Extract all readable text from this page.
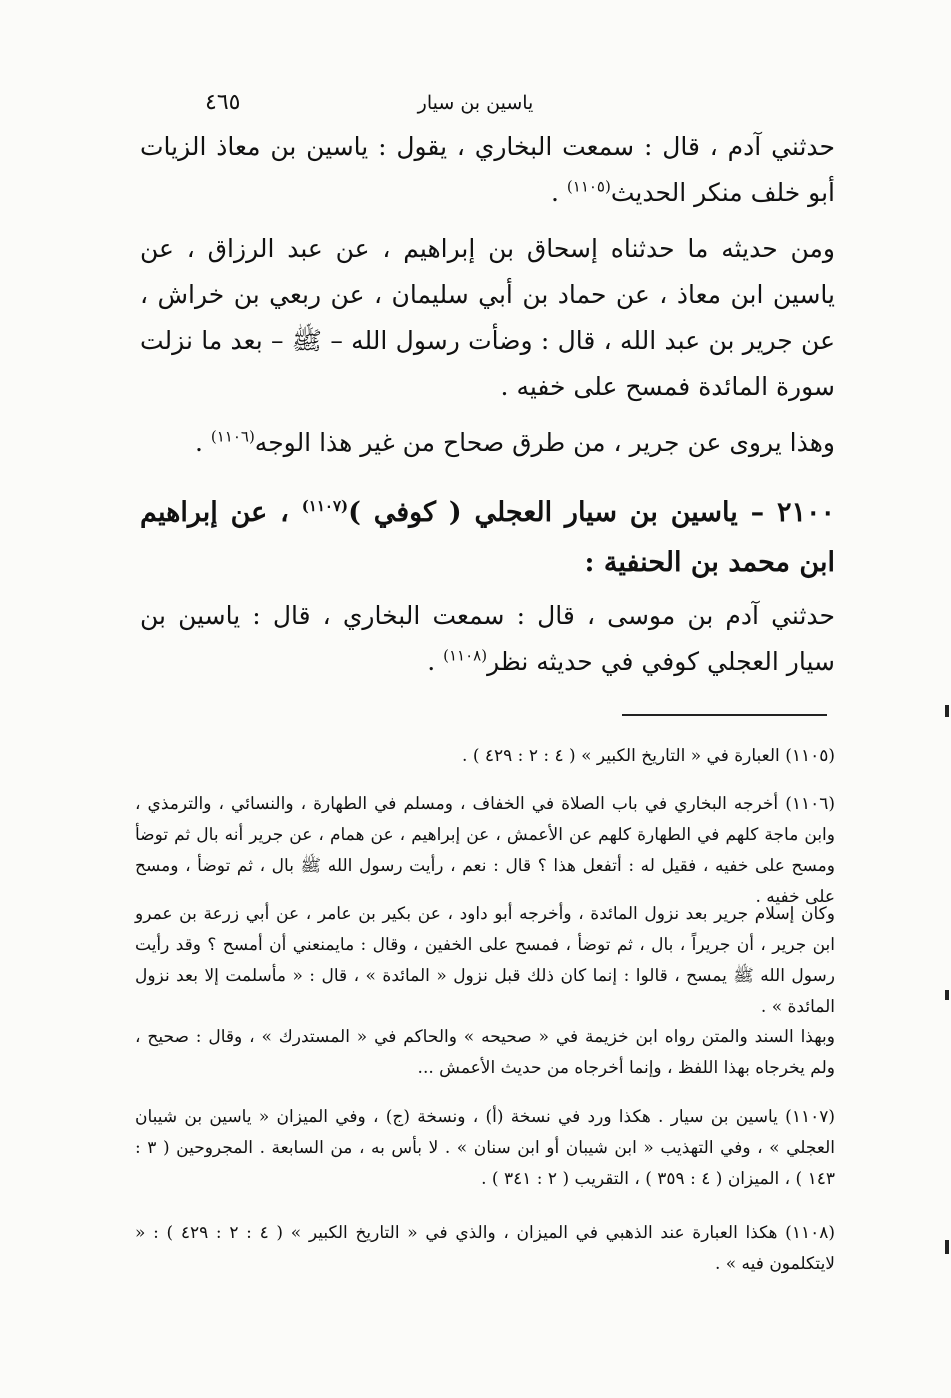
ياسين بن سيار
٤٦٥

حدثني آدم ، قال : سمعت البخاري ، يقول : ياسين بن معاذ الزيات أبو خلف منكر الحديث$^{(١١٠٥)}$ .

ومن حديثه ما حدثناه إسحاق بن إبراهيم ، عن عبد الرزاق ، عن ياسين ابن معاذ ، عن حماد بن أبي سليمان ، عن ربعي بن خراش ، عن جرير بن عبد الله ، قال : وضأت رسول الله – ﷺ – بعد ما نزلت سورة المائدة فمسح على خفيه .

وهذا يروى عن جرير ، من طرق صحاح من غير هذا الوجه$^{(١١٠٦)}$ .

٢١٠٠ – ياسين بن سيار العجلي ( كوفي )$^{(١١٠٧)}$ ، عن إبراهيم ابن محمد بن الحنفية :

حدثني آدم بن موسى ، قال : سمعت البخاري ، قال : ياسين بن سيار العجلي كوفي في حديثه نظر$^{(١١٠٨)}$ .

(١١٠٥) العبارة في « التاريخ الكبير » ( ٤ : ٢ : ٤٢٩ ) .

(١١٠٦) أخرجه البخاري في باب الصلاة في الخفاف ، ومسلم في الطهارة ، والنسائي ، والترمذي ، وابن ماجة كلهم في الطهارة كلهم عن الأعمش ، عن إبراهيم ، عن همام ، عن جرير أنه بال ثم توضأ ومسح على خفيه ، فقيل له : أتفعل هذا ؟ قال : نعم ، رأيت رسول الله ﷺ بال ، ثم توضأ ، ومسح على خفيه .

وكان إسلام جرير بعد نزول المائدة ، وأخرجه أبو داود ، عن بكير بن عامر ، عن أبي زرعة بن عمرو ابن جرير ، أن جريراً ، بال ، ثم توضأ ، فمسح على الخفين ، وقال : مايمنعني أن أمسح ؟ وقد رأيت رسول الله ﷺ يمسح ، قالوا : إنما كان ذلك قبل نزول « المائدة » ، قال : « مأسلمت إلا بعد نزول المائدة » .

وبهذا السند والمتن رواه ابن خزيمة في « صحيحه » والحاكم في « المستدرك » ، وقال : صحيح ، ولم يخرجاه بهذا اللفظ ، وإنما أخرجاه من حديث الأعمش ...

(١١٠٧) ياسين بن سيار . هكذا ورد في نسخة (أ) ، ونسخة (ج) ، وفي الميزان « ياسين بن شيبان العجلي » ، وفي التهذيب « ابن شيبان أو ابن سنان » . لا بأس به ، من السابعة . المجروحين ( ٣ : ١٤٣ ) ، الميزان ( ٤ : ٣٥٩ ) ، التقريب ( ٢ : ٣٤١ ) .

(١١٠٨) هكذا العبارة عند الذهبي في الميزان ، والذي في « التاريخ الكبير » ( ٤ : ٢ : ٤٢٩ ) : « لايتكلمون فيه » .
